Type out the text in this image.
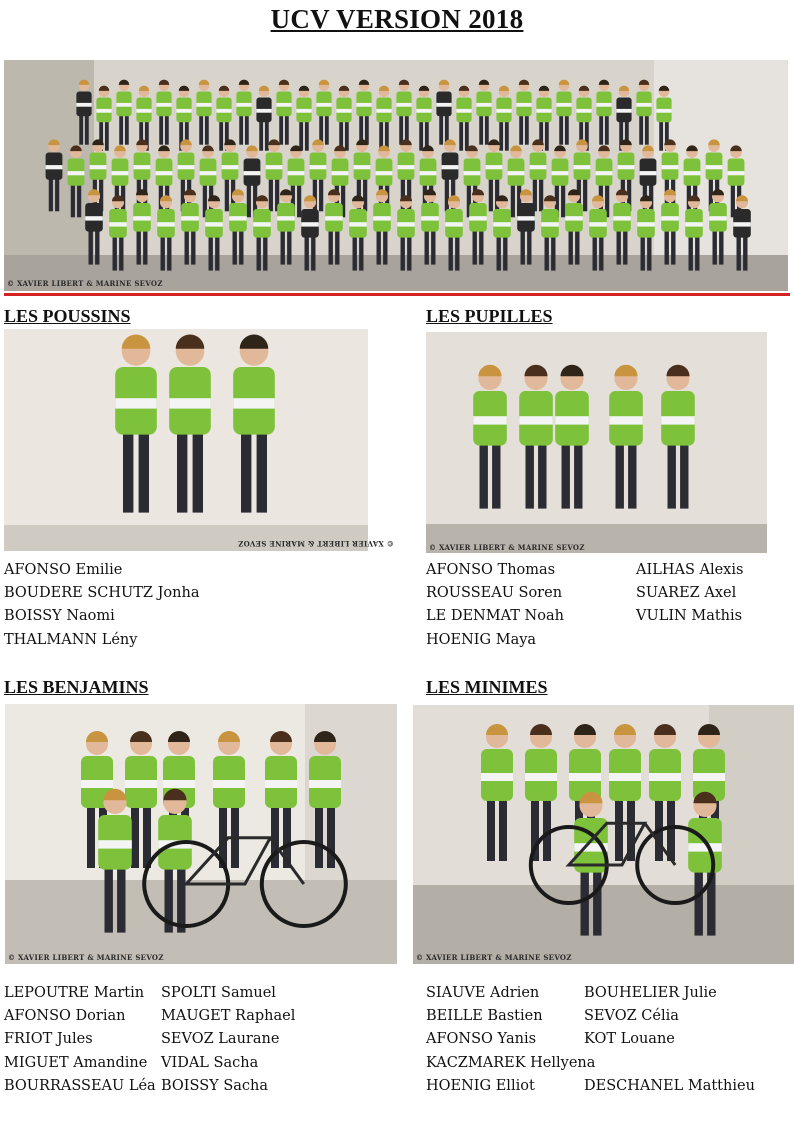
UCV VERSION 2018
© XAVIER LIBERT & MARINE SEVOZ
LES POUSSINS
© XAVIER LIBERT & MARINE SEVOZ
AFONSO Emilie
BOUDERE SCHUTZ Jonha
BOISSY Naomi
THALMANN Lény
LES PUPILLES
© XAVIER LIBERT & MARINE SEVOZ
AFONSO Thomas
ROUSSEAU Soren
LE DENMAT Noah
HOENIG Maya
AILHAS Alexis
SUAREZ Axel
VULIN Mathis
LES BENJAMINS
© XAVIER LIBERT & MARINE SEVOZ
LEPOUTRE Martin
AFONSO Dorian
FRIOT Jules
MIGUET Amandine
BOURRASSEAU Léa
SPOLTI Samuel
MAUGET Raphael
SEVOZ Laurane
VIDAL Sacha
BOISSY Sacha
LES MINIMES
© XAVIER LIBERT & MARINE SEVOZ
SIAUVE Adrien
BEILLE Bastien
AFONSO Yanis
KACZMAREK Hellyena
HOENIG Elliot
BOUHELIER Julie
SEVOZ Célia
KOT Louane
DESCHANEL Matthieu
